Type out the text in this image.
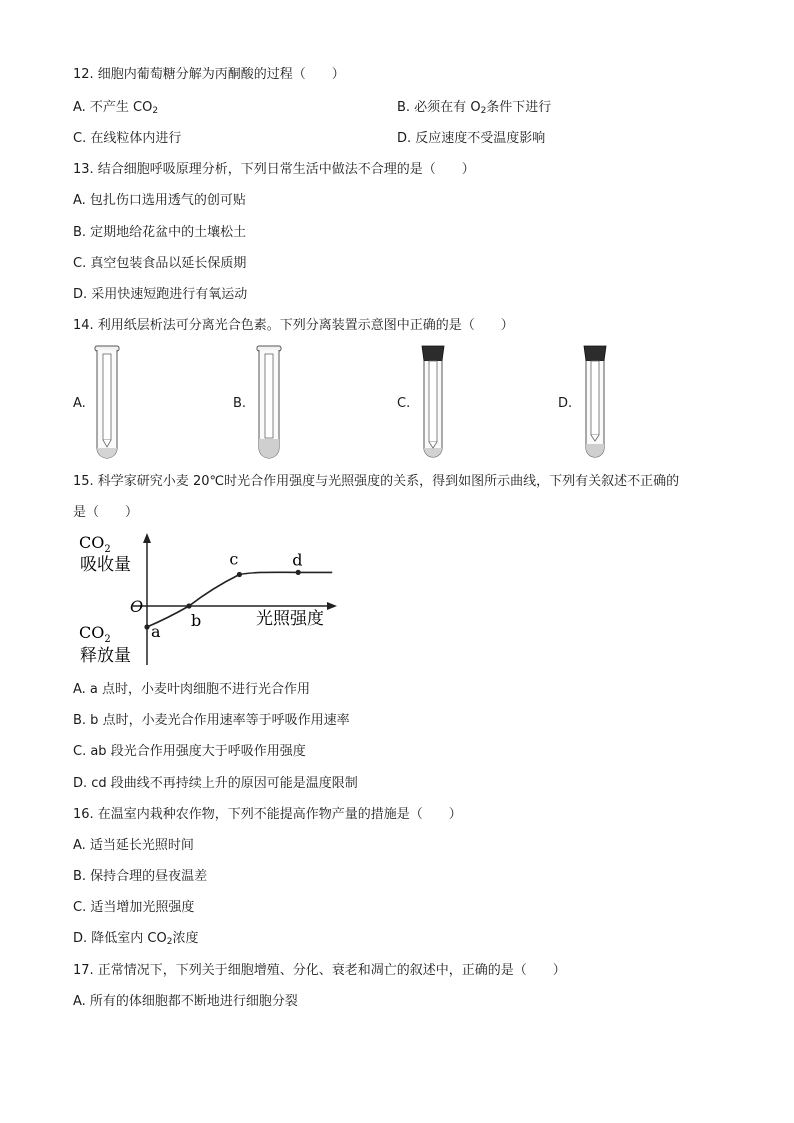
12. 细胞内葡萄糖分解为丙酮酸的过程（　　）
A. 不产生 $CO_2$	B. 必须在有 $O_2$条件下进行
C. 在线粒体内进行	D. 反应速度不受温度影响
13. 结合细胞呼吸原理分析，下列日常生活中做法不合理的是（　　）
A. 包扎伤口选用透气的创可贴
B. 定期地给花盆中的土壤松土
C. 真空包装食品以延长保质期
D. 采用快速短跑进行有氧运动
14. 利用纸层析法可分离光合色素。下列分离装置示意图中正确的是（　　）
A.	B.	C.	D.
15. 科学家研究小麦 20℃时光合作用强度与光照强度的关系，得到如图所示曲线，下列有关叙述不正确的
是（　　）
$CO_2$
吸收量
O
光照强度
$CO_2$
释放量
a
b
c	d
A. a 点时，小麦叶肉细胞不进行光合作用
B. b 点时，小麦光合作用速率等于呼吸作用速率
C. ab 段光合作用强度大于呼吸作用强度
D. cd 段曲线不再持续上升的原因可能是温度限制
16. 在温室内栽种农作物，下列不能提高作物产量的措施是（　　）
A. 适当延长光照时间
B. 保持合理的昼夜温差
C. 适当增加光照强度
D. 降低室内 $CO_2$浓度
17. 正常情况下，下列关于细胞增殖、分化、衰老和凋亡的叙述中，正确的是（　　）
A. 所有的体细胞都不断地进行细胞分裂
